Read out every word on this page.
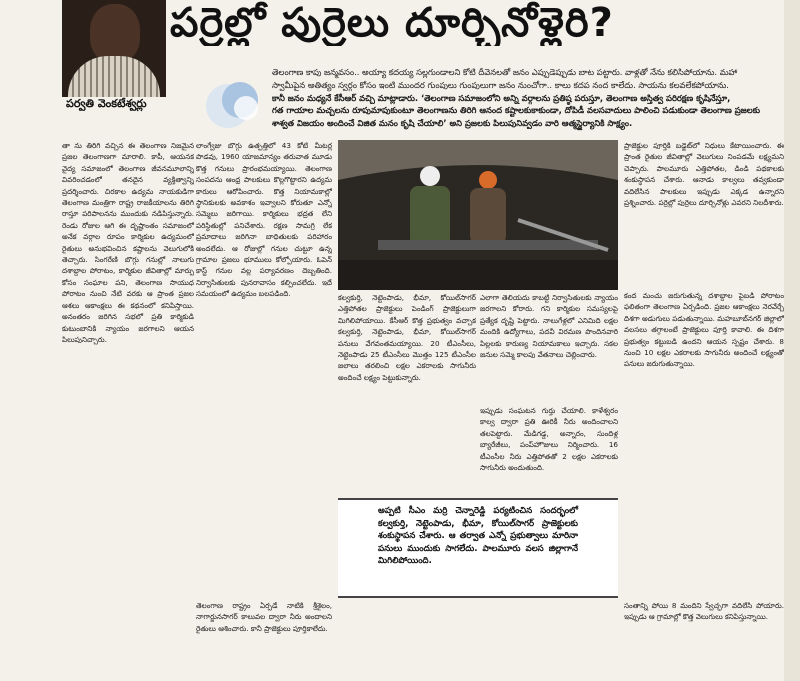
పర్రెల్లో పుర్రెలు దూర్చినోళ్లెరి?
పర్వతి వెంకటేశ్వర్లు
తెలంగాణ కాపు జన్మవసం.. అయ్యా కదయ్య సల్లగుండాలని కోటి దీవెనలతో జనం ఎప్పుడెప్పుడు బాట పట్టారు. వాళ్లతో నేను కలిసిపోయాను. మహా
స్వామీపైన అతిత్యం స్వర్గం కోసం ఇంటి ముందర గుంపులు గుంపులుగా జనం నుంచోగా.. కాలు కదప నంద కాలేదు. సాయను కలవలేకపోయాను.
కానీ జనం మధ్యనే కేసీఆర్ వచ్చి మాట్లాడారు. ‘తెలంగాణ సమాజంలోని అన్ని వర్గాలను ప్రతిష్ఠ పరుస్తూ, తెలంగాణ అస్తిత్వ పరిరక్షణ కృషినేస్తూ,
గత గాయాల మచ్చలను రూపుమాపుకుంటూ తెలంగాణను తిరిగి ఆనంద కష్టాలకుకాకుండా, దోపిడీ వలసవాదులు పాలించి పడుకుండా తెలంగాణ ప్రజలకు
శాశ్వత విజయం అందించే విజిత మనం కృషి చేయాలి’ అని ప్రజలకు పిలుపునివ్వడం వారి ఆత్మస్థైర్యానికి సాక్ష్యం.
తా ను తిరిగి వచ్చిన ఈ తెలంగాణ నిజమైన ప్రజల తెలంగాణగా మారాలి. కాపీ, ఆయనక వైద్య సమాజంలో తెలంగాణ జీవనమూలాన్ని వివరించడంలో తనదైన వ్యక్తిత్వాన్ని ప్రదర్శించారు. చిరకాల ఉద్యమ నాయకుడిగా తెలంగాణ మంత్రిగా రాష్ట్ర రాజకీయాలను తిరిగి రాస్తూ పరిపాలనను ముందుకు నడిపిస్తున్నారు. రెండు రోజుల ఆగి ఈ దృష్టాంతం సమాజంలో అనేక వర్గాల రూపం కార్మికుల ఉద్యమంలో రైతులు అనుభవించిన కష్టాలను వెలుగులోకి తెచ్చారు. సింగరేణి బొగ్గు గనుల్లో నాలుగు దశాబ్దాల పోరాటం, కార్మికుల జీవితాల్లో మార్పు కోసం సంఘాల పని, తెలంగాణ సాయుధ పోరాటం నుంచి నేటి వరకు ఆ ప్రాంత ప్రజల ఆశలు ఆకాంక్షలు ఈ కథనంలో కనిపిస్తాయి. అనంతరం జరిగిన సభలో ప్రతి కార్మికుడి కుటుంబానికి న్యాయం జరగాలని ఆయన పిలుపునిచ్చారు.
లాంగ్వేజు బొగ్గు ఉత్పత్తిలో 43 కోటి మీటర్ల పొడవు, 1960 యాజమాన్యం తరువాత మూడు కొత్త గనులు ప్రారంభమయ్యాయి. తెలంగాణ సంపదను ఆంధ్ర పాలకులు కొల్లగొట్టారని ఉద్యమ కారులు ఆరోపించారు. కొత్త నియామకాల్లో స్థానికులకు అవకాశం ఇవ్వాలని కోరుతూ ఎన్నో సమ్మెలు జరిగాయి. కార్మికులు భద్రత లేని పరిస్థితుల్లో పనిచేశారు. రక్షణ సామగ్రి లేక ప్రమాదాలు జరిగినా బాధితులకు పరిహారం అందలేదు. ఆ రోజుల్లో గనుల చుట్టూ ఉన్న గ్రామాల ప్రజలు భూములు కోల్పోయారు. ఓపెన్ కాస్ట్ గనుల వల్ల పర్యావరణం దెబ్బతింది. నిర్వాసితులకు పునరావాసం కల్పించలేదు. ఇదే సమయంలో ఉద్యమం బలపడింది.
తెలంగాణ రాష్ట్రం ఏర్పడే నాటికి శ్రీశైలం, నాగార్జునసాగర్ కాలువల ద్వారా నీరు అందాలని రైతులు ఆశించారు. కానీ ప్రాజెక్టులు పూర్తికాలేదు.
కల్వకుర్తి, నెట్టెంపాడు, భీమా, కోయిల్‌సాగర్ ఎత్తిపోతల ప్రాజెక్టులు పెండింగ్ ప్రాజెక్టులుగా మిగిలిపోయాయి. కేసీఆర్ కొత్త ప్రభుత్వం వచ్చాక కల్వకుర్తి, నెట్టెంపాడు, భీమా, కోయిల్‌సాగర్ పనులు వేగవంతమయ్యాయి. 20 టీఎంసీలు, నెట్టెంపాడు 25 టీఎంసీలు మొత్తం 125 టీఎంసీల జలాలు తరలించి లక్షల ఎకరాలకు సాగునీరు అందించే లక్ష్యం పెట్టుకున్నారు.
ఎలాగా తెలియదు కాబట్టి నిర్వాసితులకు న్యాయం జరగాలని కోరారు. గని కార్మికుల సమస్యలపై ప్రత్యేక దృష్టి పెట్టారు. నాలుగేళ్లలో ఎనిమిది లక్షల మందికి ఉద్యోగాలు, పదవీ విరమణ పొందినవారి పిల్లలకు కారుణ్య నియామకాలు ఇచ్చారు. సకల జనుల సమ్మె కాలపు వేతనాలు చెల్లించారు.
ఇప్పుడు సంఘటన గుర్తు చేయాలి. కాళేశ్వరం కాల్వ ద్వారా ప్రతి ఊరికీ నీరు అందించాలని తలపెట్టారు. మేడిగడ్డ, అన్నారం, సుందిళ్ల బ్యారేజీలు, పంప్‌హౌజులు నిర్మించారు. 16 టీఎంసీల నీరు ఎత్తిపోతతో 2 లక్షల ఎకరాలకు సాగునీరు అందుతుంది.

అప్పటి సీఎం మర్రి చెన్నారెడ్డి పర్యటించిన సందర్భంలో కల్వకుర్తి, నెట్టెంపాడు, భీమా, కోయిల్‌సాగర్ ప్రాజెక్టులకు శంకుస్థాపన చేశారు. ఆ తర్వాత ఎన్నో ప్రభుత్వాలు మారినా పనులు ముందుకు సాగలేదు. పాలమూరు వలస జిల్లాగానే మిగిలిపోయింది.

ప్రాజెక్టుల పూర్తికి బడ్జెట్‌లో నిధులు కేటాయించారు. ఈ ప్రాంత రైతుల జీవితాల్లో వెలుగులు నింపడమే లక్ష్యమని చెప్పారు. పాలమూరు ఎత్తిపోతల, డిండి పథకాలకు శంకుస్థాపన చేశారు. ఆనాడు కాల్వలు తవ్వకుండా వదిలేసిన పాలకులు ఇప్పుడు ఎక్కడ ఉన్నారని ప్రశ్నించారు. పర్రెల్లో పుర్రెలు దూర్చినోళ్లు ఎవరని నిలదీశారు.
కంద మంచు జరుగుతున్న దశాబ్దాల పైబడి పోరాటం ఫలితంగా తెలంగాణ ఏర్పడింది. ప్రజల ఆకాంక్షలు నెరవేర్చే దిశగా అడుగులు పడుతున్నాయి. మహబూబ్‌నగర్ జిల్లాలో వలసలు తగ్గాలంటే ప్రాజెక్టులు పూర్తి కావాలి. ఈ దిశగా ప్రభుత్వం కట్టుబడి ఉందని ఆయన స్పష్టం చేశారు. 8 నుంచి 10 లక్షల ఎకరాలకు సాగునీరు అందించే లక్ష్యంతో పనులు జరుగుతున్నాయి.
సంతాన్ని పోయి 8 మందిని స్వేచ్ఛగా వదిలేసి పోయారు. ఇప్పుడు ఆ గ్రామాల్లో కొత్త వెలుగులు కనిపిస్తున్నాయి.
